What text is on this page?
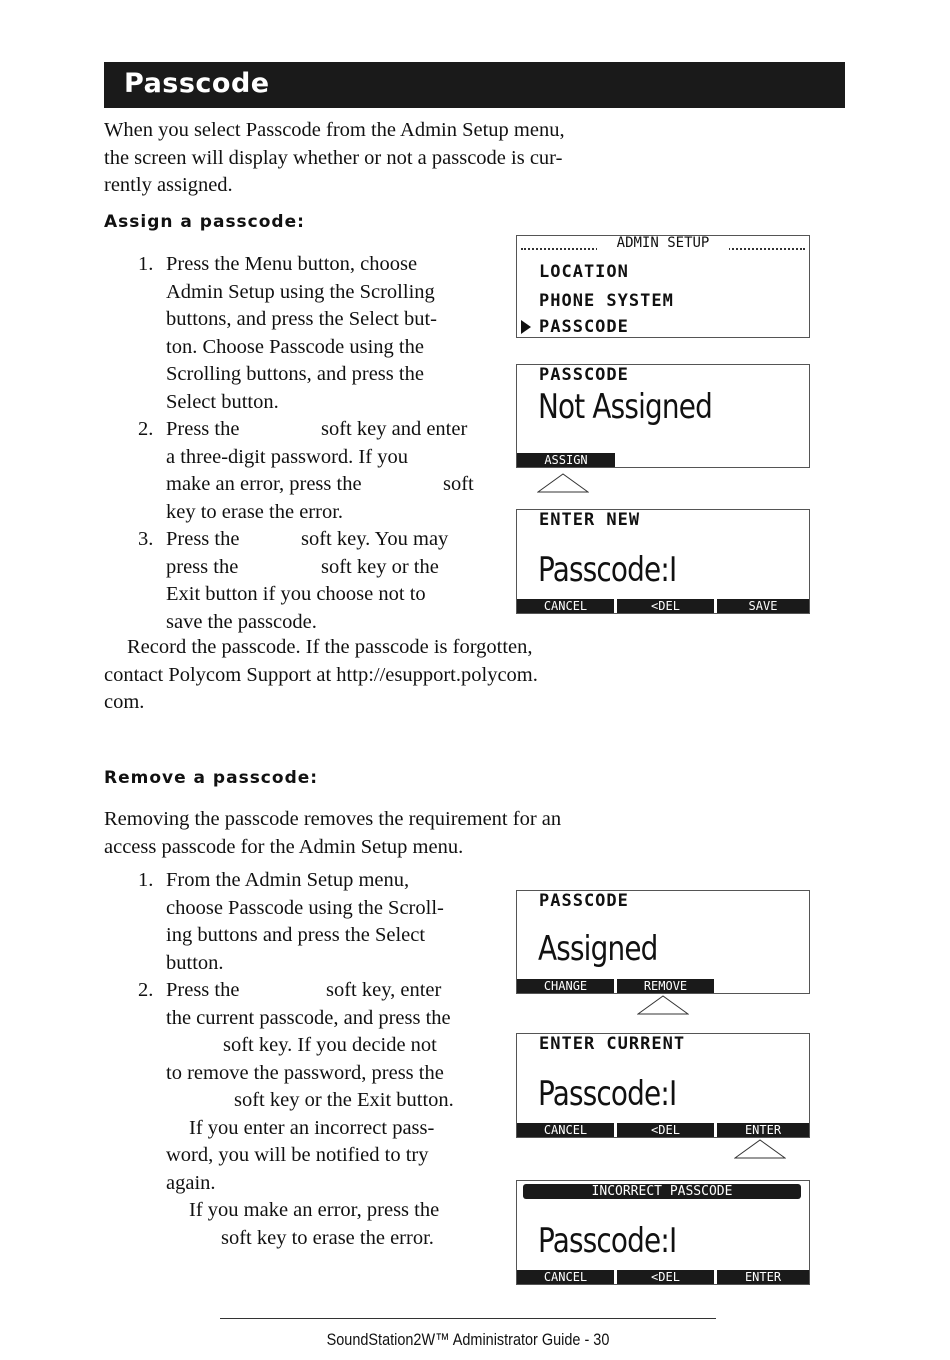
Passcode
When you select Passcode from the Admin Setup menu,
the screen will display whether or not a passcode is cur-
rently assigned.
Assign a passcode:
1. Press the Menu button, choose
Admin Setup using the Scrolling
buttons, and press the Select but-
ton. Choose Passcode using the
Scrolling buttons, and press the
Select button.
2. Press the	soft key and enter
a three-digit password. If you
make an error, press the	soft
key to erase the error.
3. Press the	soft key. You may
press the	soft key or the
Exit button if you choose not to
save the passcode.
Record the passcode. If the passcode is forgotten,
contact Polycom Support at http://esupport.polycom.
com.
Remove a passcode:
Removing the passcode removes the requirement for an
access passcode for the Admin Setup menu.
1. From the Admin Setup menu,
choose Passcode using the Scroll-
ing buttons and press the Select
button.
2. Press the	soft key, enter
the current passcode, and press the
soft key. If you decide not
to remove the password, press the
soft key or the Exit button.
If you enter an incorrect pass-
word, you will be notified to try
again.
If you make an error, press the
soft key to erase the error.
ADMIN SETUP
LOCATION
PHONE SYSTEM
PASSCODE
PASSCODE
Not Assigned
ASSIGN
ENTER NEW
Passcode:I
CANCEL	<DEL	SAVE
PASSCODE
Assigned
CHANGE	REMOVE
ENTER CURRENT
Passcode:I
CANCEL	<DEL	ENTER
INCORRECT PASSCODE
Passcode:I
CANCEL	<DEL	ENTER
SoundStation2W™ Administrator Guide - 30
